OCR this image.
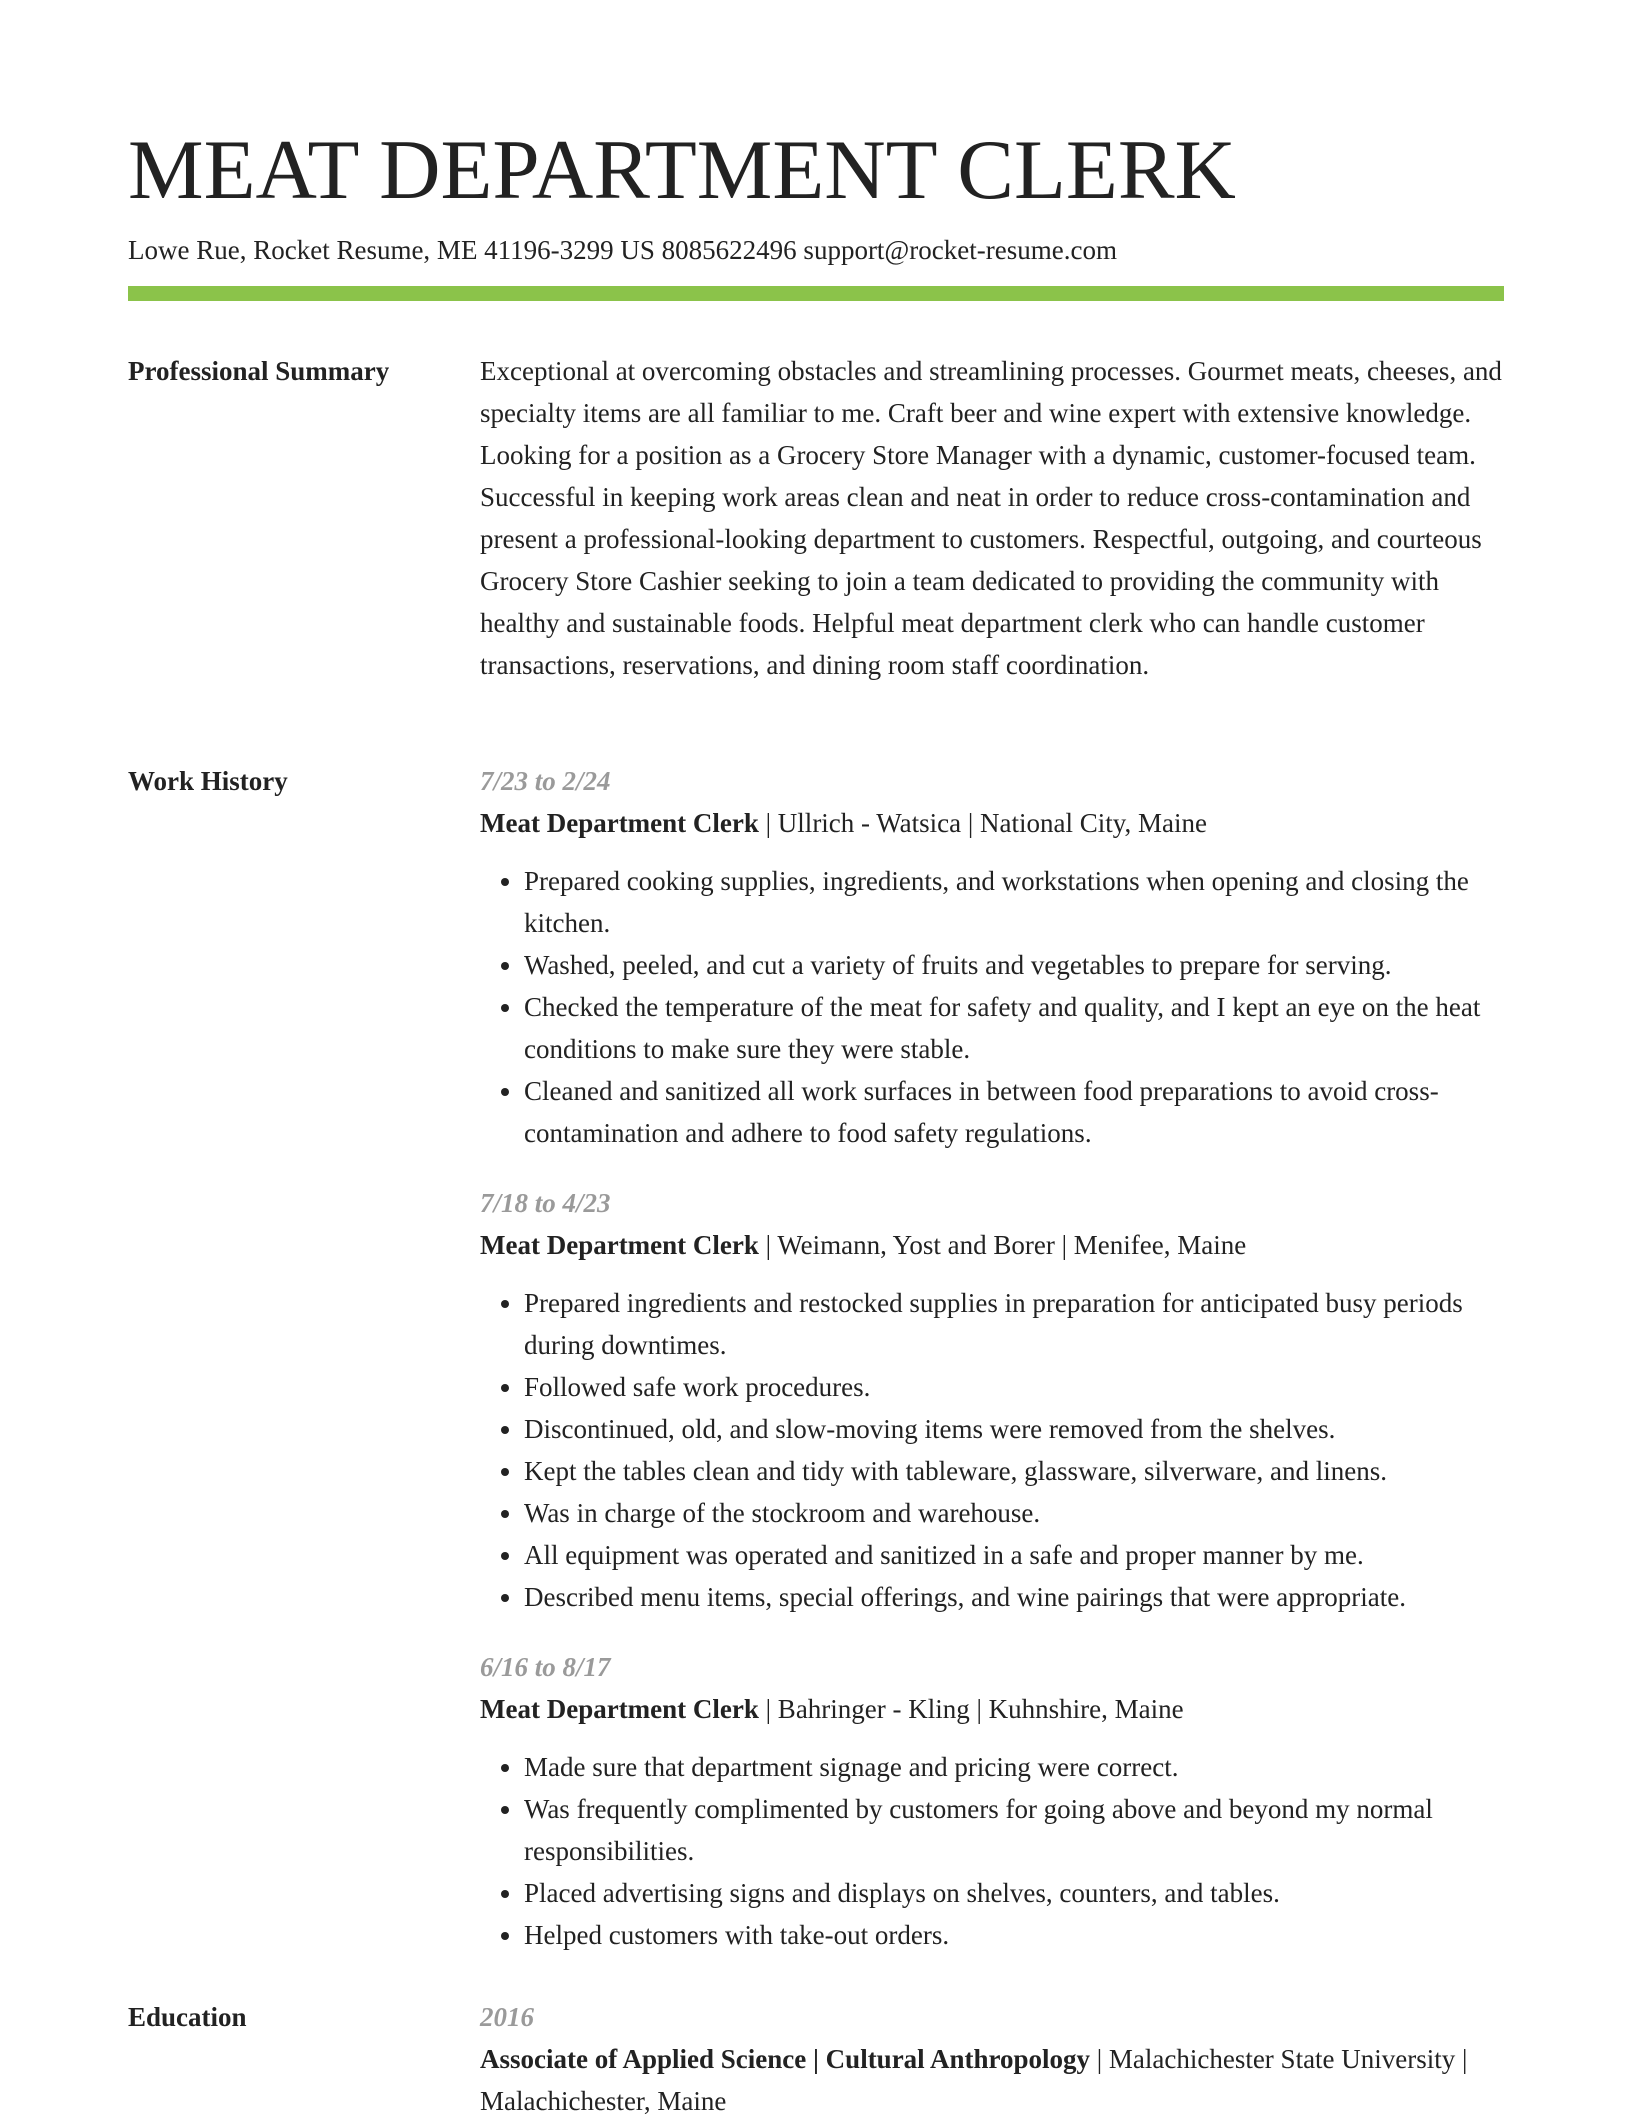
MEAT DEPARTMENT CLERK
Lowe Rue, Rocket Resume, ME 41196-3299 US 8085622496 support@rocket-resume.com
Professional Summary	Exceptional at overcoming obstacles and streamlining processes. Gourmet meats, cheeses, and specialty items are all familiar to me. Craft beer and wine expert with extensive knowledge. Looking for a position as a Grocery Store Manager with a dynamic, customer-focused team. Successful in keeping work areas clean and neat in order to reduce cross-contamination and present a professional-looking department to customers. Respectful, outgoing, and courteous Grocery Store Cashier seeking to join a team dedicated to providing the community with healthy and sustainable foods. Helpful meat department clerk who can handle customer transactions, reservations, and dining room staff coordination.

Work History	7/23 to 2/24
Meat Department Clerk | Ullrich - Watsica | National City, Maine
• Prepared cooking supplies, ingredients, and workstations when opening and closing the kitchen.
• Washed, peeled, and cut a variety of fruits and vegetables to prepare for serving.
• Checked the temperature of the meat for safety and quality, and I kept an eye on the heat conditions to make sure they were stable.
• Cleaned and sanitized all work surfaces in between food preparations to avoid cross-contamination and adhere to food safety regulations.
7/18 to 4/23
Meat Department Clerk | Weimann, Yost and Borer | Menifee, Maine
• Prepared ingredients and restocked supplies in preparation for anticipated busy periods during downtimes.
• Followed safe work procedures.
• Discontinued, old, and slow-moving items were removed from the shelves.
• Kept the tables clean and tidy with tableware, glassware, silverware, and linens.
• Was in charge of the stockroom and warehouse.
• All equipment was operated and sanitized in a safe and proper manner by me.
• Described menu items, special offerings, and wine pairings that were appropriate.
6/16 to 8/17
Meat Department Clerk | Bahringer - Kling | Kuhnshire, Maine
• Made sure that department signage and pricing were correct.
• Was frequently complimented by customers for going above and beyond my normal responsibilities.
• Placed advertising signs and displays on shelves, counters, and tables.
• Helped customers with take-out orders.
Education	2016
Associate of Applied Science | Cultural Anthropology | Malachichester State University | Malachichester, Maine
